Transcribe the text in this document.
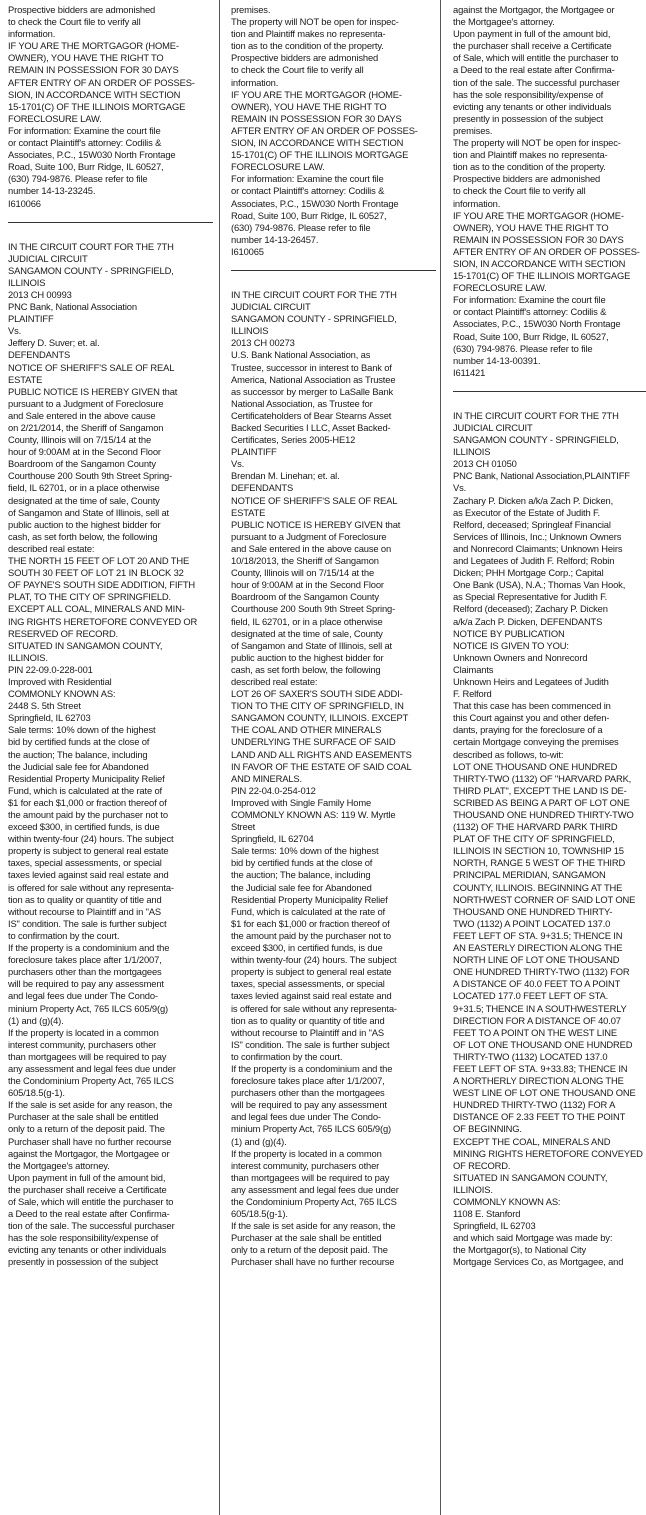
Prospective bidders are admonished

to check the Court file to verify all

information.

IF YOU ARE THE MORTGAGOR (HOME-

OWNER), YOU HAVE THE RIGHT TO

REMAIN IN POSSESSION FOR 30 DAYS

AFTER ENTRY OF AN ORDER OF POSSES-

SION, IN ACCORDANCE WITH SECTION

15-1701(C) OF THE ILLINOIS MORTGAGE

FORECLOSURE LAW.

For information: Examine the court file

or contact Plaintiff's attorney: Codilis &

Associates, P.C., 15W030 North Frontage

Road, Suite 100, Burr Ridge, IL 60527,

(630) 794-9876. Please refer to file

number 14-13-23245.

I610066

IN THE CIRCUIT COURT FOR THE 7TH

JUDICIAL CIRCUIT

SANGAMON COUNTY - SPRINGFIELD,

ILLINOIS

2013 CH 00993

PNC Bank, National Association

PLAINTIFF

Vs.

Jeffery D. Suver; et. al.

DEFENDANTS

NOTICE OF SHERIFF'S SALE OF REAL

ESTATE

PUBLIC NOTICE IS HEREBY GIVEN that

pursuant to a Judgment of Foreclosure

and Sale entered in the above cause

on 2/21/2014, the Sheriff of Sangamon

County, Illinois will on 7/15/14 at the

hour of 9:00AM at in the Second Floor

Boardroom of the Sangamon County

Courthouse 200 South 9th Street Spring-

field, IL 62701, or in a place otherwise

designated at the time of sale, County

of Sangamon and State of Illinois, sell at

public auction to the highest bidder for

cash, as set forth below, the following

described real estate:

THE NORTH 15 FEET OF LOT 20 AND THE

SOUTH 30 FEET OF LOT 21 IN BLOCK 32

OF PAYNE'S SOUTH SIDE ADDITION, FIFTH

PLAT, TO THE CITY OF SPRINGFIELD.

EXCEPT ALL COAL, MINERALS AND MIN-

ING RIGHTS HERETOFORE CONVEYED OR

RESERVED OF RECORD.

SITUATED IN SANGAMON COUNTY,

ILLINOIS.

PIN 22-09.0-228-001

Improved with Residential

COMMONLY KNOWN AS:

2448 S. 5th Street

Springfield, IL 62703

Sale terms: 10% down of the highest

bid by certified funds at the close of

the auction; The balance, including

the Judicial sale fee for Abandoned

Residential Property Municipality Relief

Fund, which is calculated at the rate of

$1 for each $1,000 or fraction thereof of

the amount paid by the purchaser not to

exceed $300, in certified funds, is due

within twenty-four (24) hours. The subject

property is subject to general real estate

taxes, special assessments, or special

taxes levied against said real estate and

is offered for sale without any representa-

tion as to quality or quantity of title and

without recourse to Plaintiff and in "AS

IS" condition. The sale is further subject

to confirmation by the court.

If the property is a condominium and the

foreclosure takes place after 1/1/2007,

purchasers other than the mortgagees

will be required to pay any assessment

and legal fees due under The Condo-

minium Property Act, 765 ILCS 605/9(g)

(1) and (g)(4).

If the property is located in a common

interest community, purchasers other

than mortgagees will be required to pay

any assessment and legal fees due under

the Condominium Property Act, 765 ILCS

605/18.5(g-1).

If the sale is set aside for any reason, the

Purchaser at the sale shall be entitled

only to a return of the deposit paid. The

Purchaser shall have no further recourse

against the Mortgagor, the Mortgagee or

the Mortgagee's attorney.

Upon payment in full of the amount bid,

the purchaser shall receive a Certificate

of Sale, which will entitle the purchaser to

a Deed to the real estate after Confirma-

tion of the sale. The successful purchaser

has the sole responsibility/expense of

evicting any tenants or other individuals

presently in possession of the subject

premises.

The property will NOT be open for inspec-

tion and Plaintiff makes no representa-

tion as to the condition of the property.

Prospective bidders are admonished

to check the Court file to verify all

information.

IF YOU ARE THE MORTGAGOR (HOME-

OWNER), YOU HAVE THE RIGHT TO

REMAIN IN POSSESSION FOR 30 DAYS

AFTER ENTRY OF AN ORDER OF POSSES-

SION, IN ACCORDANCE WITH SECTION

15-1701(C) OF THE ILLINOIS MORTGAGE

FORECLOSURE LAW.

For information: Examine the court file

or contact Plaintiff's attorney: Codilis &

Associates, P.C., 15W030 North Frontage

Road, Suite 100, Burr Ridge, IL 60527,

(630) 794-9876. Please refer to file

number 14-13-26457.

I610065

IN THE CIRCUIT COURT FOR THE 7TH

JUDICIAL CIRCUIT

SANGAMON COUNTY - SPRINGFIELD,

ILLINOIS

2013 CH 00273

U.S. Bank National Association, as

Trustee, successor in interest to Bank of

America, National Association as Trustee

as successor by merger to LaSalle Bank

National Association, as Trustee for

Certificateholders of Bear Stearns Asset

Backed Securities I LLC, Asset Backed-

Certificates, Series 2005-HE12

PLAINTIFF

Vs.

Brendan M. Linehan; et. al.

DEFENDANTS

NOTICE OF SHERIFF'S SALE OF REAL

ESTATE

PUBLIC NOTICE IS HEREBY GIVEN that

pursuant to a Judgment of Foreclosure

and Sale entered in the above cause on

10/18/2013, the Sheriff of Sangamon

County, Illinois will on 7/15/14 at the

hour of 9:00AM at in the Second Floor

Boardroom of the Sangamon County

Courthouse 200 South 9th Street Spring-

field, IL 62701, or in a place otherwise

designated at the time of sale, County

of Sangamon and State of Illinois, sell at

public auction to the highest bidder for

cash, as set forth below, the following

described real estate:

LOT 26 OF SAXER'S SOUTH SIDE ADDI-

TION TO THE CITY OF SPRINGFIELD, IN

SANGAMON COUNTY, ILLINOIS. EXCEPT

THE COAL AND OTHER MINERALS

UNDERLYING THE SURFACE OF SAID

LAND AND ALL RIGHTS AND EASEMENTS

IN FAVOR OF THE ESTATE OF SAID COAL

AND MINERALS.

PIN 22-04.0-254-012

Improved with Single Family Home

COMMONLY KNOWN AS: 119 W. Myrtle

Street

Springfield, IL 62704

Sale terms: 10% down of the highest

bid by certified funds at the close of

the auction; The balance, including

the Judicial sale fee for Abandoned

Residential Property Municipality Relief

Fund, which is calculated at the rate of

$1 for each $1,000 or fraction thereof of

the amount paid by the purchaser not to

exceed $300, in certified funds, is due

within twenty-four (24) hours. The subject

property is subject to general real estate

taxes, special assessments, or special

taxes levied against said real estate and

is offered for sale without any representa-

tion as to quality or quantity of title and

without recourse to Plaintiff and in "AS

IS" condition. The sale is further subject

to confirmation by the court.

If the property is a condominium and the

foreclosure takes place after 1/1/2007,

purchasers other than the mortgagees

will be required to pay any assessment

and legal fees due under The Condo-

minium Property Act, 765 ILCS 605/9(g)

(1) and (g)(4).

If the property is located in a common

interest community, purchasers other

than mortgagees will be required to pay

any assessment and legal fees due under

the Condominium Property Act, 765 ILCS

605/18.5(g-1).

If the sale is set aside for any reason, the

Purchaser at the sale shall be entitled

only to a return of the deposit paid. The

Purchaser shall have no further recourse

against the Mortgagor, the Mortgagee or

the Mortgagee's attorney.

Upon payment in full of the amount bid,

the purchaser shall receive a Certificate

of Sale, which will entitle the purchaser to

a Deed to the real estate after Confirma-

tion of the sale. The successful purchaser

has the sole responsibility/expense of

evicting any tenants or other individuals

presently in possession of the subject

premises.

The property will NOT be open for inspec-

tion and Plaintiff makes no representa-

tion as to the condition of the property.

Prospective bidders are admonished

to check the Court file to verify all

information.

IF YOU ARE THE MORTGAGOR (HOME-

OWNER), YOU HAVE THE RIGHT TO

REMAIN IN POSSESSION FOR 30 DAYS

AFTER ENTRY OF AN ORDER OF POSSES-

SION, IN ACCORDANCE WITH SECTION

15-1701(C) OF THE ILLINOIS MORTGAGE

FORECLOSURE LAW.

For information: Examine the court file

or contact Plaintiff's attorney: Codilis &

Associates, P.C., 15W030 North Frontage

Road, Suite 100, Burr Ridge, IL 60527,

(630) 794-9876. Please refer to file

number 14-13-00391.

I611421

IN THE CIRCUIT COURT FOR THE 7TH

JUDICIAL CIRCUIT

SANGAMON COUNTY - SPRINGFIELD,

ILLINOIS

2013 CH 01050

PNC Bank, National Association,PLAINTIFF

Vs.

Zachary P. Dicken a/k/a Zach P. Dicken,

as Executor of the Estate of Judith F.

Relford, deceased; Springleaf Financial

Services of Illinois, Inc.; Unknown Owners

and Nonrecord Claimants; Unknown Heirs

and Legatees of Judith F. Relford; Robin

Dicken; PHH Mortgage Corp.; Capital

One Bank (USA), N.A.; Thomas Van Hook,

as Special Representative for Judith F.

Relford (deceased); Zachary P. Dicken

a/k/a Zach P. Dicken, DEFENDANTS

NOTICE BY PUBLICATION

NOTICE IS GIVEN TO YOU:

Unknown Owners and Nonrecord

Claimants

Unknown Heirs and Legatees of Judith

F. Relford

That this case has been commenced in

this Court against you and other defen-

dants, praying for the foreclosure of a

certain Mortgage conveying the premises

described as follows, to-wit:

LOT ONE THOUSAND ONE HUNDRED

THIRTY-TWO (1132) OF "HARVARD PARK,

THIRD PLAT", EXCEPT THE LAND IS DE-

SCRIBED AS BEING A PART OF LOT ONE

THOUSAND ONE HUNDRED THIRTY-TWO

(1132) OF THE HARVARD PARK THIRD

PLAT OF THE CITY OF SPRINGFIELD,

ILLINOIS IN SECTION 10, TOWNSHIP 15

NORTH, RANGE 5 WEST OF THE THIRD

PRINCIPAL MERIDIAN, SANGAMON

COUNTY, ILLINOIS. BEGINNING AT THE

NORTHWEST CORNER OF SAID LOT ONE

THOUSAND ONE HUNDRED THIRTY-

TWO (1132) A POINT LOCATED 137.0

FEET LEFT OF STA. 9+31.5; THENCE IN

AN EASTERLY DIRECTION ALONG THE

NORTH LINE OF LOT ONE THOUSAND

ONE HUNDRED THIRTY-TWO (1132) FOR

A DISTANCE OF 40.0 FEET TO A POINT

LOCATED 177.0 FEET LEFT OF STA.

9+31.5; THENCE IN A SOUTHWESTERLY

DIRECTION FOR A DISTANCE OF 40.07

FEET TO A POINT ON THE WEST LINE

OF LOT ONE THOUSAND ONE HUNDRED

THIRTY-TWO (1132) LOCATED 137.0

FEET LEFT OF STA. 9+33.83; THENCE IN

A NORTHERLY DIRECTION ALONG THE

WEST LINE OF LOT ONE THOUSAND ONE

HUNDRED THIRTY-TWO (1132) FOR A

DISTANCE OF 2.33 FEET TO THE POINT

OF BEGINNING.

EXCEPT THE COAL, MINERALS AND

MINING RIGHTS HERETOFORE CONVEYED

OF RECORD.

SITUATED IN SANGAMON COUNTY,

ILLINOIS.

COMMONLY KNOWN AS:

1108 E. Stanford

Springfield, IL 62703

and which said Mortgage was made by:

the Mortgagor(s), to National City

Mortgage Services Co, as Mortgagee, and
